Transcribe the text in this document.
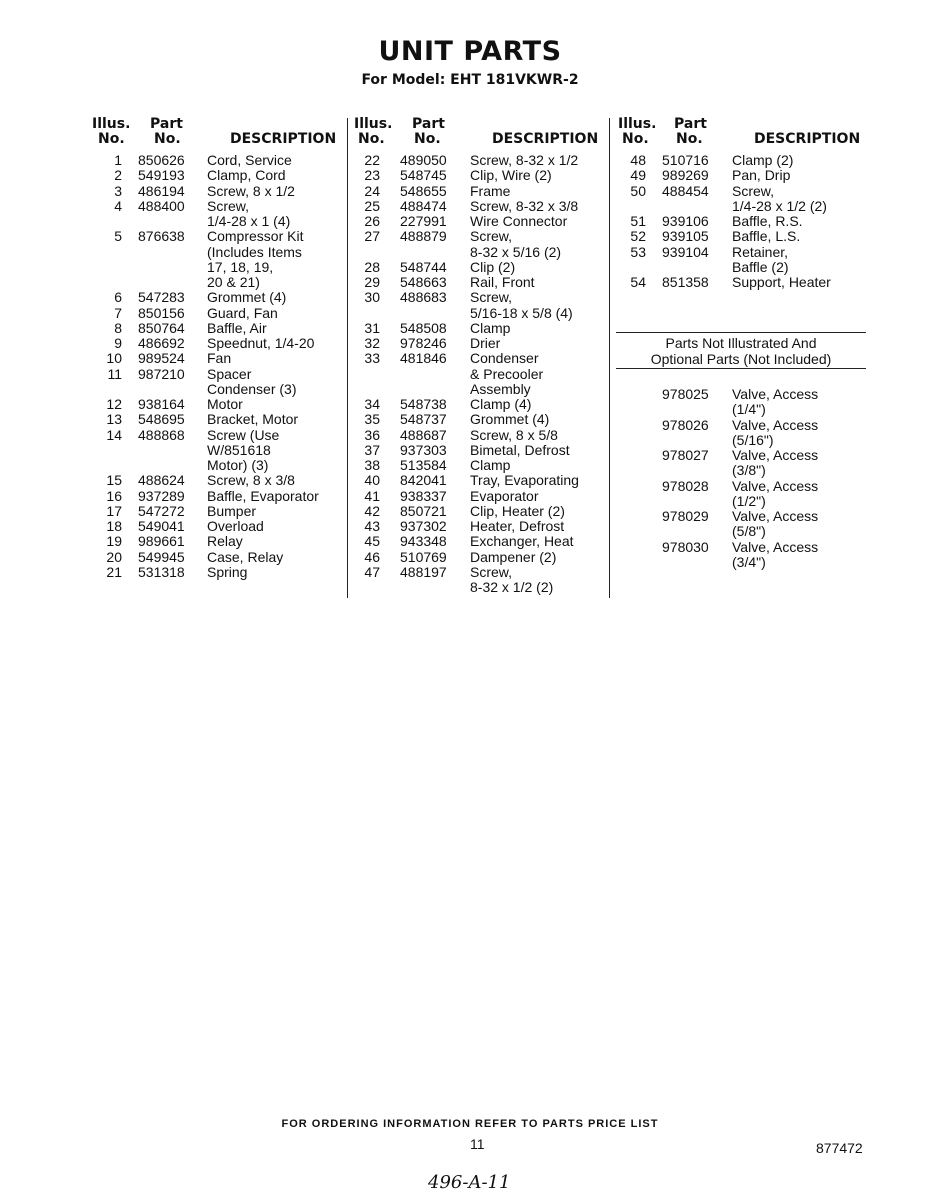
UNIT PARTS
For Model: EHT 181VKWR-2
Illus.
No.
Part
No.	DESCRIPTION
1 850626 Cord, Service
2 549193 Clamp, Cord
3 486194 Screw, 8 x 1/2
4 488400 Screw,
1/4-28 x 1 (4)
5 876638 Compressor Kit
(Includes Items
17, 18, 19,
20 & 21)
6 547283 Grommet (4)
7 850156 Guard, Fan
8 850764 Baffle, Air
9 486692 Speednut, 1/4-20
10 989524 Fan
11 987210 Spacer
Condenser (3)
12 938164 Motor
13 548695 Bracket, Motor
14 488868 Screw (Use
W/851618
Motor) (3)
15 488624 Screw, 8 x 3/8
16 937289 Baffle, Evaporator
17 547272 Bumper
18 549041 Overload
19 989661 Relay
20 549945 Case, Relay
21 531318 Spring
Illus.
No.
Part
No.	DESCRIPTION
22 489050 Screw, 8-32 x 1/2
23 548745 Clip, Wire (2)
24 548655 Frame
25 488474 Screw, 8-32 x 3/8
26 227991 Wire Connector
27 488879 Screw,
8-32 x 5/16 (2)
28 548744 Clip (2)
29 548663 Rail, Front
30 488683 Screw,
5/16-18 x 5/8 (4)
31 548508 Clamp
32 978246 Drier
33 481846 Condenser
& Precooler
Assembly
34 548738 Clamp (4)
35 548737 Grommet (4)
36 488687 Screw, 8 x 5/8
37 937303 Bimetal, Defrost
38 513584 Clamp
40 842041 Tray, Evaporating
41 938337 Evaporator
42 850721 Clip, Heater (2)
43 937302 Heater, Defrost
45 943348 Exchanger, Heat
46 510769 Dampener (2)
47 488197 Screw,
8-32 x 1/2 (2)
Illus.
No.
Part
No.	DESCRIPTION
48 510716 Clamp (2)
49 989269 Pan, Drip
50 488454 Screw,
1/4-28 x 1/2 (2)
51 939106 Baffle, R.S.
52 939105 Baffle, L.S.
53 939104 Retainer,
Baffle (2)
54 851358 Support, Heater
Parts Not Illustrated And
Optional Parts (Not Included)
978025 Valve, Access
(1/4")
978026 Valve, Access
(5/16")
978027 Valve, Access
(3/8")
978028 Valve, Access
(1/2")
978029 Valve, Access
(5/8")
978030 Valve, Access
(3/4")
FOR ORDERING INFORMATION REFER TO PARTS PRICE LIST
11	877472
496-A-11
